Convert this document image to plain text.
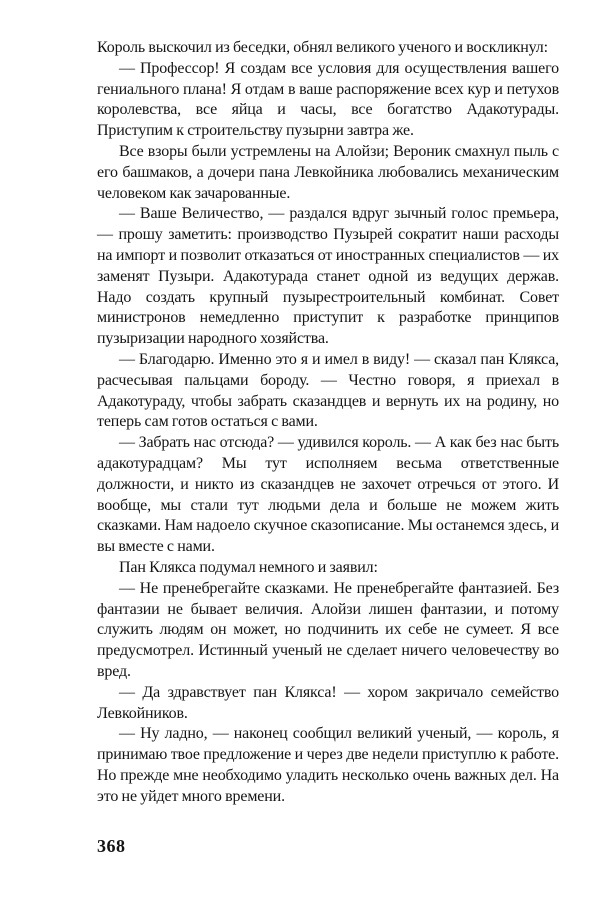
Король выскочил из беседки, обнял великого ученого и воскликнул:

— Профессор! Я создам все условия для осуществления вашего гениального плана! Я отдам в ваше распоряжение всех кур и петухов королевства, все яйца и часы, все богатство Адакотурады. Приступим к строительству пузырни завтра же.

Все взоры были устремлены на Алойзи; Вероник смахнул пыль с его башмаков, а дочери пана Левкойника любовались механическим человеком как зачарованные.

— Ваше Величество, — раздался вдруг зычный голос премьера, — прошу заметить: производство Пузырей сократит наши расходы на импорт и позволит отказаться от иностранных специалистов — их заменят Пузыри. Адакотурада станет одной из ведущих держав. Надо создать крупный пузырестроительный комбинат. Совет министронов немедленно приступит к разработке принципов пузыризации народного хозяйства.

— Благодарю. Именно это я и имел в виду! — сказал пан Клякса, расчесывая пальцами бороду. — Честно говоря, я приехал в Адакотураду, чтобы забрать сказандцев и вернуть их на родину, но теперь сам готов остаться с вами.

— Забрать нас отсюда? — удивился король. — А как без нас быть адакотурадцам? Мы тут исполняем весьма ответственные должности, и никто из сказандцев не захочет отречься от этого. И вообще, мы стали тут людьми дела и больше не можем жить сказками. Нам надоело скучное сказописание. Мы останемся здесь, и вы вместе с нами.

Пан Клякса подумал немного и заявил:

— Не пренебрегайте сказками. Не пренебрегайте фантазией. Без фантазии не бывает величия. Алойзи лишен фантазии, и потому служить людям он может, но подчинить их себе не сумеет. Я все предусмотрел. Истинный ученый не сделает ничего человечеству во вред.

— Да здравствует пан Клякса! — хором закричало семейство Левкойников.

— Ну ладно, — наконец сообщил великий ученый, — король, я принимаю твое предложение и через две недели приступлю к работе. Но прежде мне необходимо уладить несколько очень важных дел. На это не уйдет много времени.

368
